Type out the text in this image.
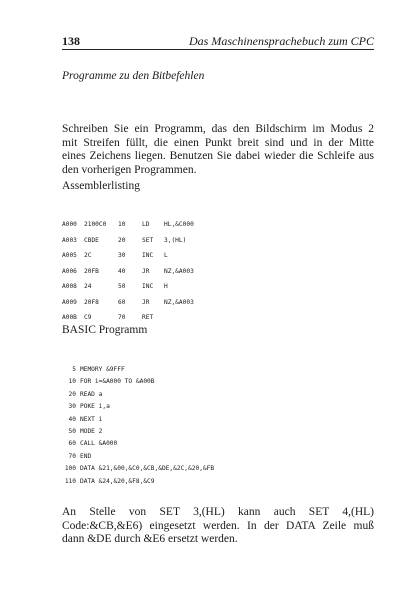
138	Das Maschinensprachebuch zum CPC
Programme zu den Bitbefehlen

Schreiben Sie ein Programm, das den Bildschirm im Modus 2
mit Streifen füllt, die einen Punkt breit sind und in der Mitte
eines Zeichens liegen. Benutzen Sie dabei wieder die Schleife aus
den vorherigen Programmen.

Assemblerlisting
A000 2100C0 10	LD HL,&C000
A003 CBDE	20	SET 3,(HL)
A005 2C	30	INC L
A006 20FB	40	JR NZ,&A003
A008 24	50	INC H
A009 20F8	60	JR NZ,&A003
A00B C9	70	RET
BASIC Programm
5 MEMORY &9FFF
10 FOR i=&A000 TO &A00B
20 READ a
30 POKE i,a
40 NEXT i
50 MODE 2
60 CALL &A000
70 END
100 DATA &21,&00,&C0,&CB,&DE,&2C,&20,&FB
110 DATA &24,&20,&F8,&C9

An Stelle von SET 3,(HL) kann auch SET 4,(HL)
Code:&CB,&E6) eingesetzt werden. In der DATA Zeile muß
dann &DE durch &E6 ersetzt werden.
